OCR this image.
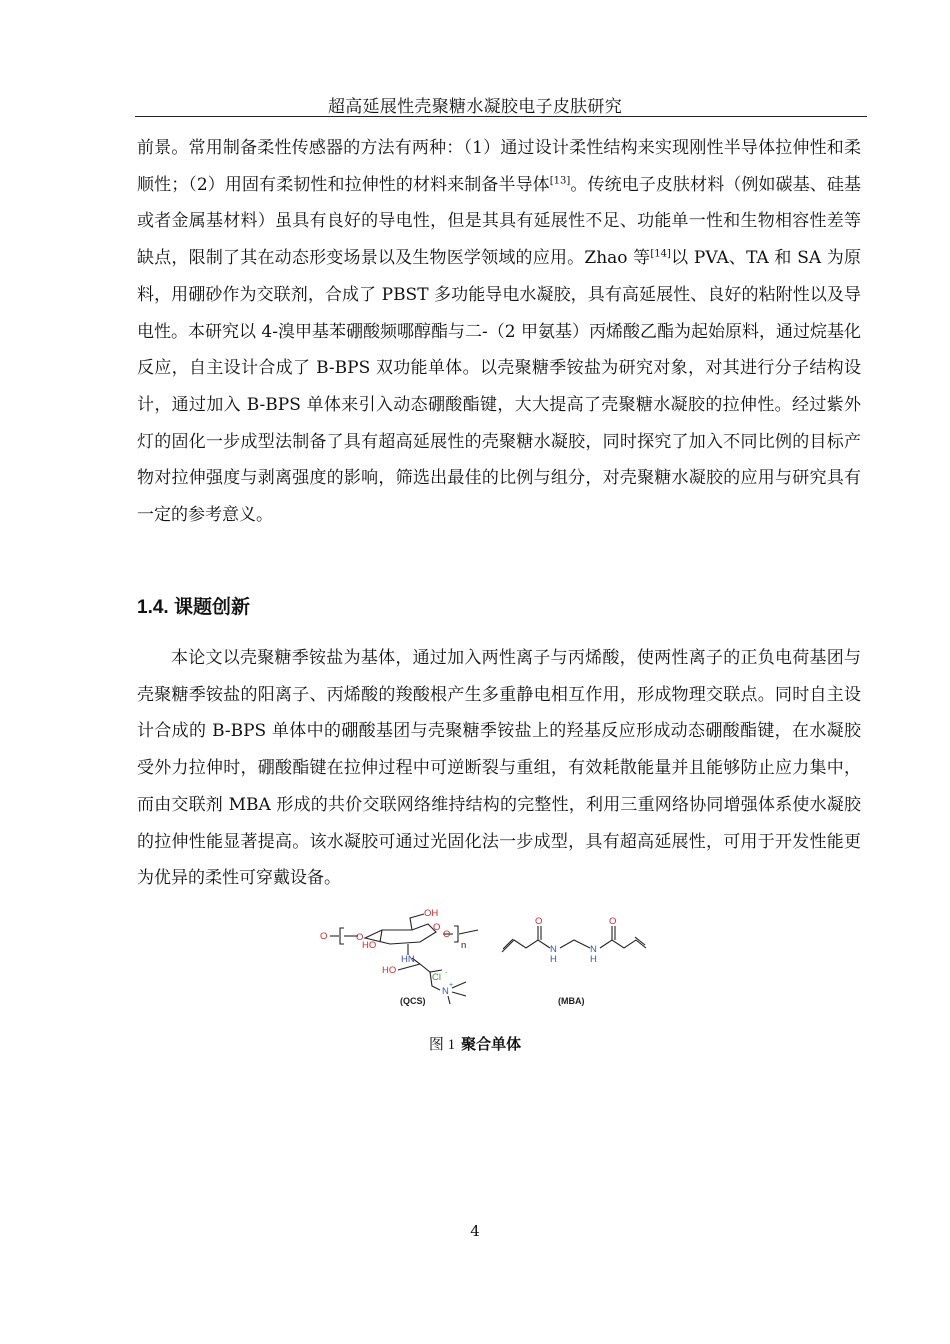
超高延展性壳聚糖水凝胶电子皮肤研究

前景。常用制备柔性传感器的方法有两种：（1）通过设计柔性结构来实现刚性半导体拉伸性和柔顺性；（2）用固有柔韧性和拉伸性的材料来制备半导体[13]。传统电子皮肤材料（例如碳基、硅基或者金属基材料）虽具有良好的导电性，但是其具有延展性不足、功能单一性和生物相容性差等缺点，限制了其在动态形变场景以及生物医学领域的应用。Zhao 等[14]以 PVA、TA 和 SA 为原料，用硼砂作为交联剂，合成了 PBST 多功能导电水凝胶，具有高延展性、良好的粘附性以及导电性。本研究以 4-溴甲基苯硼酸频哪醇酯与二-（2 甲氨基）丙烯酸乙酯为起始原料，通过烷基化反应，自主设计合成了 B-BPS 双功能单体。以壳聚糖季铵盐为研究对象，对其进行分子结构设计，通过加入 B-BPS 单体来引入动态硼酸酯键，大大提高了壳聚糖水凝胶的拉伸性。经过紫外灯的固化一步成型法制备了具有超高延展性的壳聚糖水凝胶，同时探究了加入不同比例的目标产物对拉伸强度与剥离强度的影响，筛选出最佳的比例与组分，对壳聚糖水凝胶的应用与研究具有一定的参考意义。

1.4. 课题创新

本论文以壳聚糖季铵盐为基体，通过加入两性离子与丙烯酸，使两性离子的正负电荷基团与壳聚糖季铵盐的阳离子、丙烯酸的羧酸根产生多重静电相互作用，形成物理交联点。同时自主设计合成的 B-BPS 单体中的硼酸基团与壳聚糖季铵盐上的羟基反应形成动态硼酸酯键，在水凝胶受外力拉伸时，硼酸酯键在拉伸过程中可逆断裂与重组，有效耗散能量并且能够防止应力集中，而由交联剂 MBA 形成的共价交联网络维持结构的完整性，利用三重网络协同增强体系使水凝胶的拉伸性能显著提高。该水凝胶可通过光固化法一步成型，具有超高延展性，可用于开发性能更为优异的柔性可穿戴设备。

O	O
OH
O
O
HO	n
HN
HO
Cl -
N
+
(QCS)
O	O
N
H
N
H
(MBA)
图 1 聚合单体
4
